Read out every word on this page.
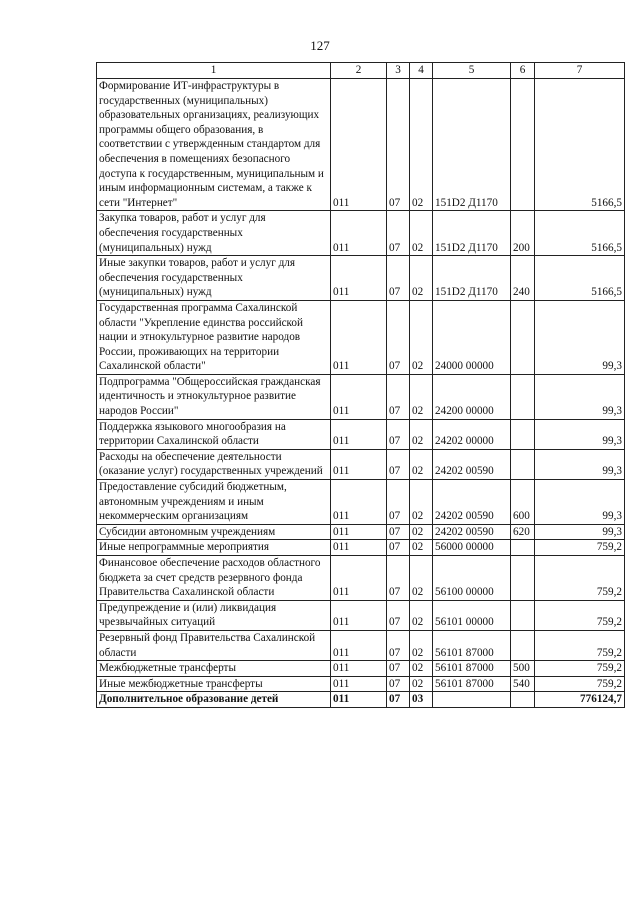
127
1	2	3	4	5	6	7
Формирование ИТ-инфраструктуры в государственных (муниципальных) образовательных организациях, реализующих программы общего образования, в соответствии с утвержденным стандартом для обеспечения в помещениях безопасного доступа к государственным, муниципальным и иным информационным системам, а также к сети "Интернет"	011	07	02	151D2 Д1170		5166,5
Закупка товаров, работ и услуг для обеспечения государственных (муниципальных) нужд	011	07	02	151D2 Д1170	200	5166,5
Иные закупки товаров, работ и услуг для обеспечения государственных (муниципальных) нужд	011	07	02	151D2 Д1170	240	5166,5
Государственная программа Сахалинской области "Укрепление единства российской нации и этнокультурное развитие народов России, проживающих на территории Сахалинской области"	011	07	02	24000 00000		99,3
Подпрограмма "Общероссийская гражданская идентичность и этнокультурное развитие народов России"	011	07	02	24200 00000		99,3
Поддержка языкового многообразия на территории Сахалинской области	011	07	02	24202 00000		99,3
Расходы на обеспечение деятельности (оказание услуг) государственных учреждений	011	07	02	24202 00590		99,3
Предоставление субсидий бюджетным, автономным учреждениям и иным некоммерческим организациям	011	07	02	24202 00590	600	99,3
Субсидии автономным учреждениям	011	07	02	24202 00590	620	99,3
Иные непрограммные мероприятия	011	07	02	56000 00000		759,2
Финансовое обеспечение расходов областного бюджета за счет средств резервного фонда Правительства Сахалинской области	011	07	02	56100 00000		759,2
Предупреждение и (или) ликвидация чрезвычайных ситуаций	011	07	02	56101 00000		759,2
Резервный фонд Правительства Сахалинской области	011	07	02	56101 87000		759,2
Межбюджетные трансферты	011	07	02	56101 87000	500	759,2
Иные межбюджетные трансферты	011	07	02	56101 87000	540	759,2
Дополнительное образование детей	011	07	03			776124,7
